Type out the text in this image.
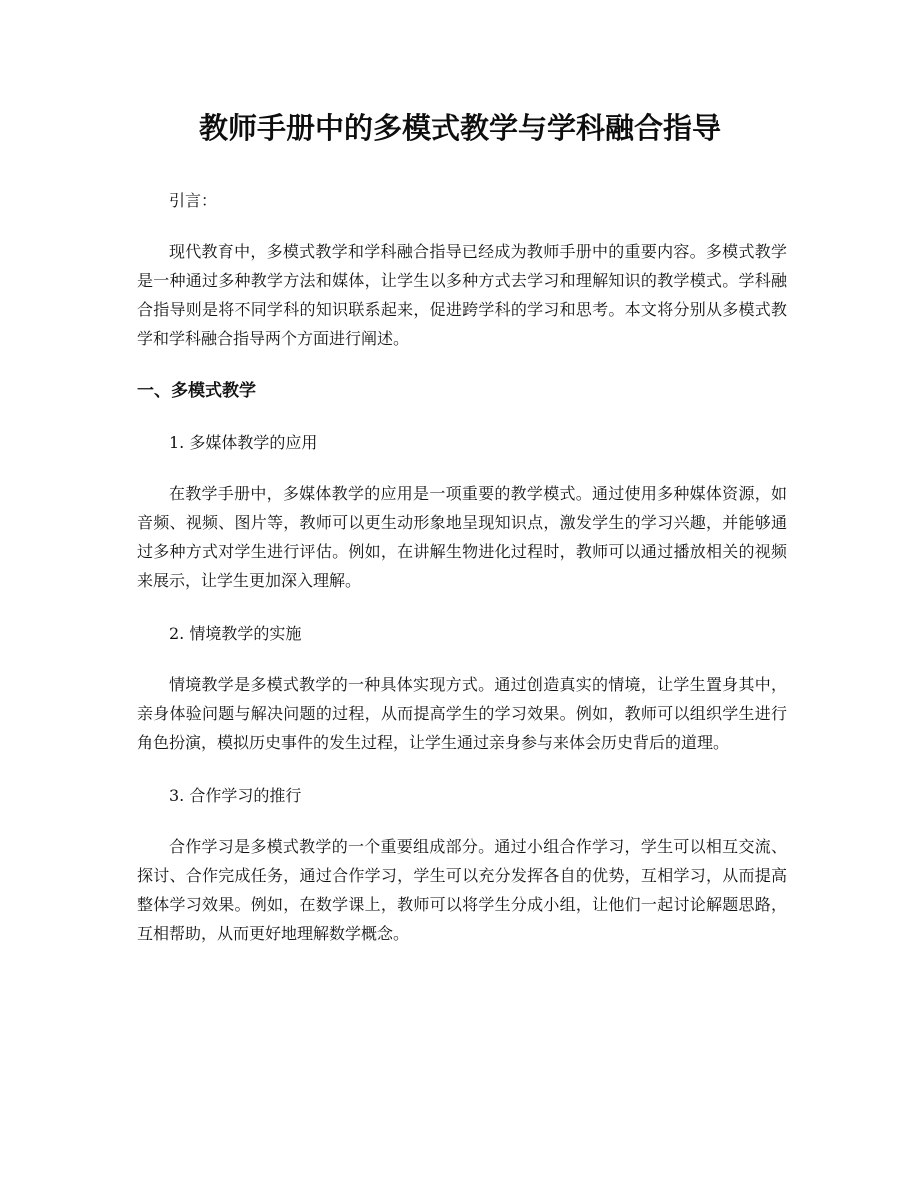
教师手册中的多模式教学与学科融合指导

引言：

现代教育中，多模式教学和学科融合指导已经成为教师手册中的重要内容。多模式教学是一种通过多种教学方法和媒体，让学生以多种方式去学习和理解知识的教学模式。学科融合指导则是将不同学科的知识联系起来，促进跨学科的学习和思考。本文将分别从多模式教学和学科融合指导两个方面进行阐述。

一、多模式教学

1. 多媒体教学的应用

在教学手册中，多媒体教学的应用是一项重要的教学模式。通过使用多种媒体资源，如音频、视频、图片等，教师可以更生动形象地呈现知识点，激发学生的学习兴趣，并能够通过多种方式对学生进行评估。例如，在讲解生物进化过程时，教师可以通过播放相关的视频来展示，让学生更加深入理解。

2. 情境教学的实施

情境教学是多模式教学的一种具体实现方式。通过创造真实的情境，让学生置身其中，亲身体验问题与解决问题的过程，从而提高学生的学习效果。例如，教师可以组织学生进行角色扮演，模拟历史事件的发生过程，让学生通过亲身参与来体会历史背后的道理。

3. 合作学习的推行

合作学习是多模式教学的一个重要组成部分。通过小组合作学习，学生可以相互交流、探讨、合作完成任务，通过合作学习，学生可以充分发挥各自的优势，互相学习，从而提高整体学习效果。例如，在数学课上，教师可以将学生分成小组，让他们一起讨论解题思路，互相帮助，从而更好地理解数学概念。
